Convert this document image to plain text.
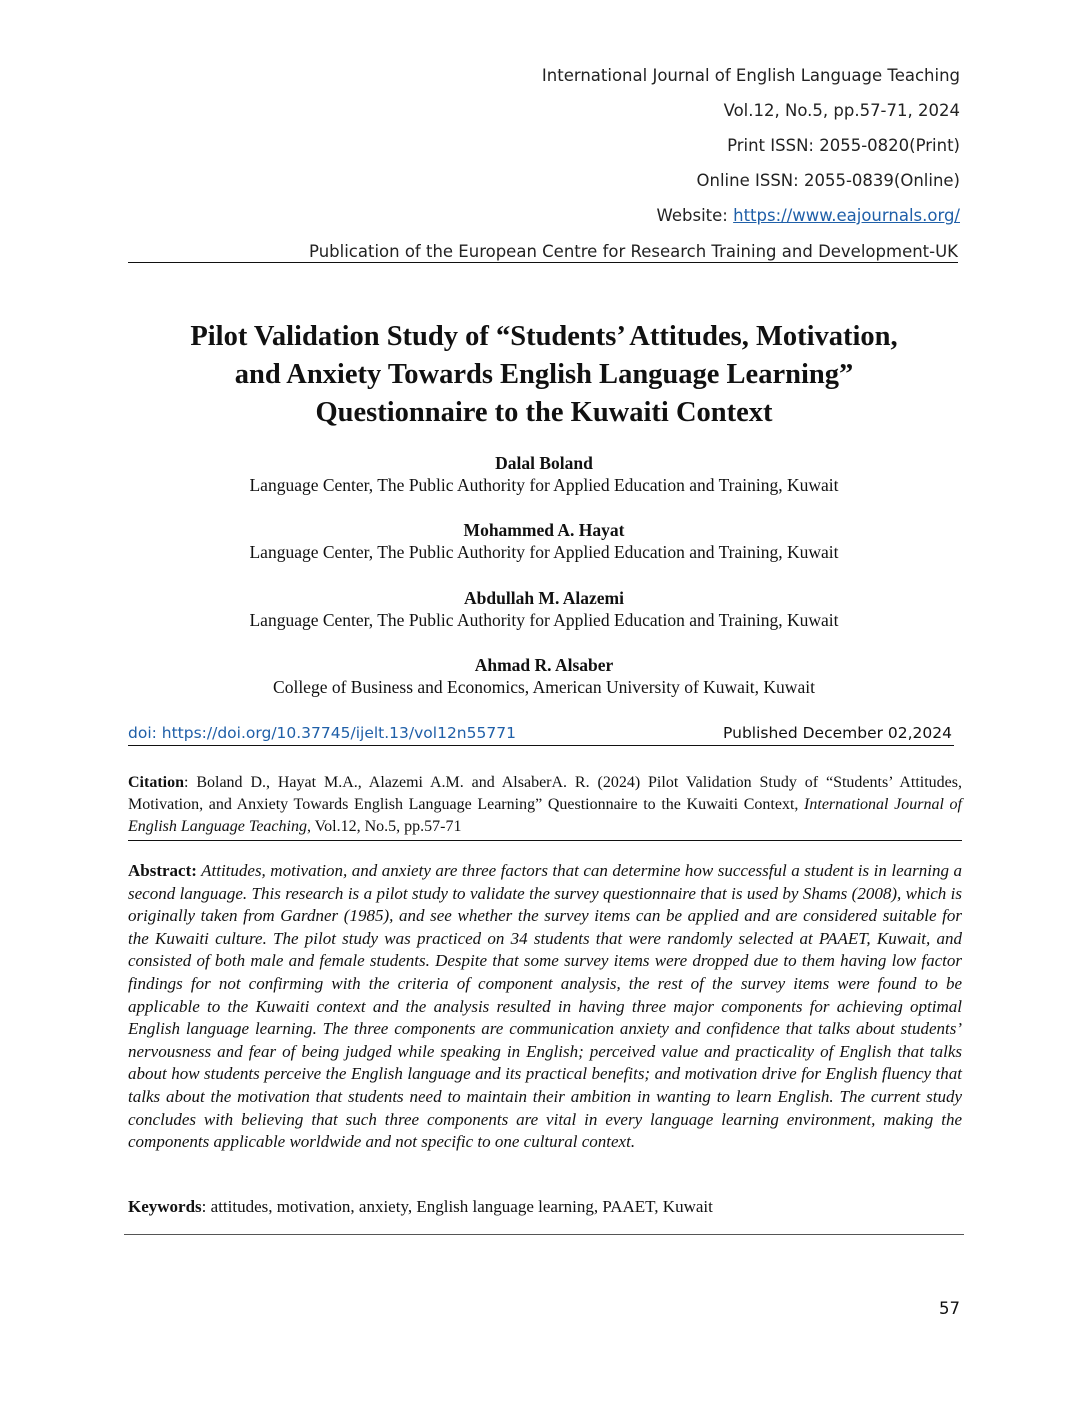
International Journal of English Language Teaching
Vol.12, No.5, pp.57-71, 2024
Print ISSN: 2055-0820(Print)
Online ISSN: 2055-0839(Online)
Website: https://www.eajournals.org/
Publication of the European Centre for Research Training and Development-UK
Pilot Validation Study of “Students’ Attitudes, Motivation,
and Anxiety Towards English Language Learning”
Questionnaire to the Kuwaiti Context
Dalal Boland
Language Center, The Public Authority for Applied Education and Training, Kuwait
Mohammed A. Hayat
Language Center, The Public Authority for Applied Education and Training, Kuwait
Abdullah M. Alazemi
Language Center, The Public Authority for Applied Education and Training, Kuwait
Ahmad R. Alsaber
College of Business and Economics, American University of Kuwait, Kuwait
doi: https://doi.org/10.37745/ijelt.13/vol12n55771	Published December 02,2024
Citation: Boland D., Hayat M.A., Alazemi A.M. and AlsaberA. R. (2024) Pilot Validation Study of “Students’ Attitudes, Motivation, and Anxiety Towards English Language Learning” Questionnaire to the Kuwaiti Context, International Journal of English Language Teaching, Vol.12, No.5, pp.57-71
Abstract: Attitudes, motivation, and anxiety are three factors that can determine how successful a student is in learning a second language. This research is a pilot study to validate the survey questionnaire that is used by Shams (2008), which is originally taken from Gardner (1985), and see whether the survey items can be applied and are considered suitable for the Kuwaiti culture. The pilot study was practiced on 34 students that were randomly selected at PAAET, Kuwait, and consisted of both male and female students. Despite that some survey items were dropped due to them having low factor findings for not confirming with the criteria of component analysis, the rest of the survey items were found to be applicable to the Kuwaiti context and the analysis resulted in having three major components for achieving optimal English language learning. The three components are communication anxiety and confidence that talks about students’ nervousness and fear of being judged while speaking in English; perceived value and practicality of English that talks about how students perceive the English language and its practical benefits; and motivation drive for English fluency that talks about the motivation that students need to maintain their ambition in wanting to learn English. The current study concludes with believing that such three components are vital in every language learning environment, making the components applicable worldwide and not specific to one cultural context.
Keywords: attitudes, motivation, anxiety, English language learning, PAAET, Kuwait
57
